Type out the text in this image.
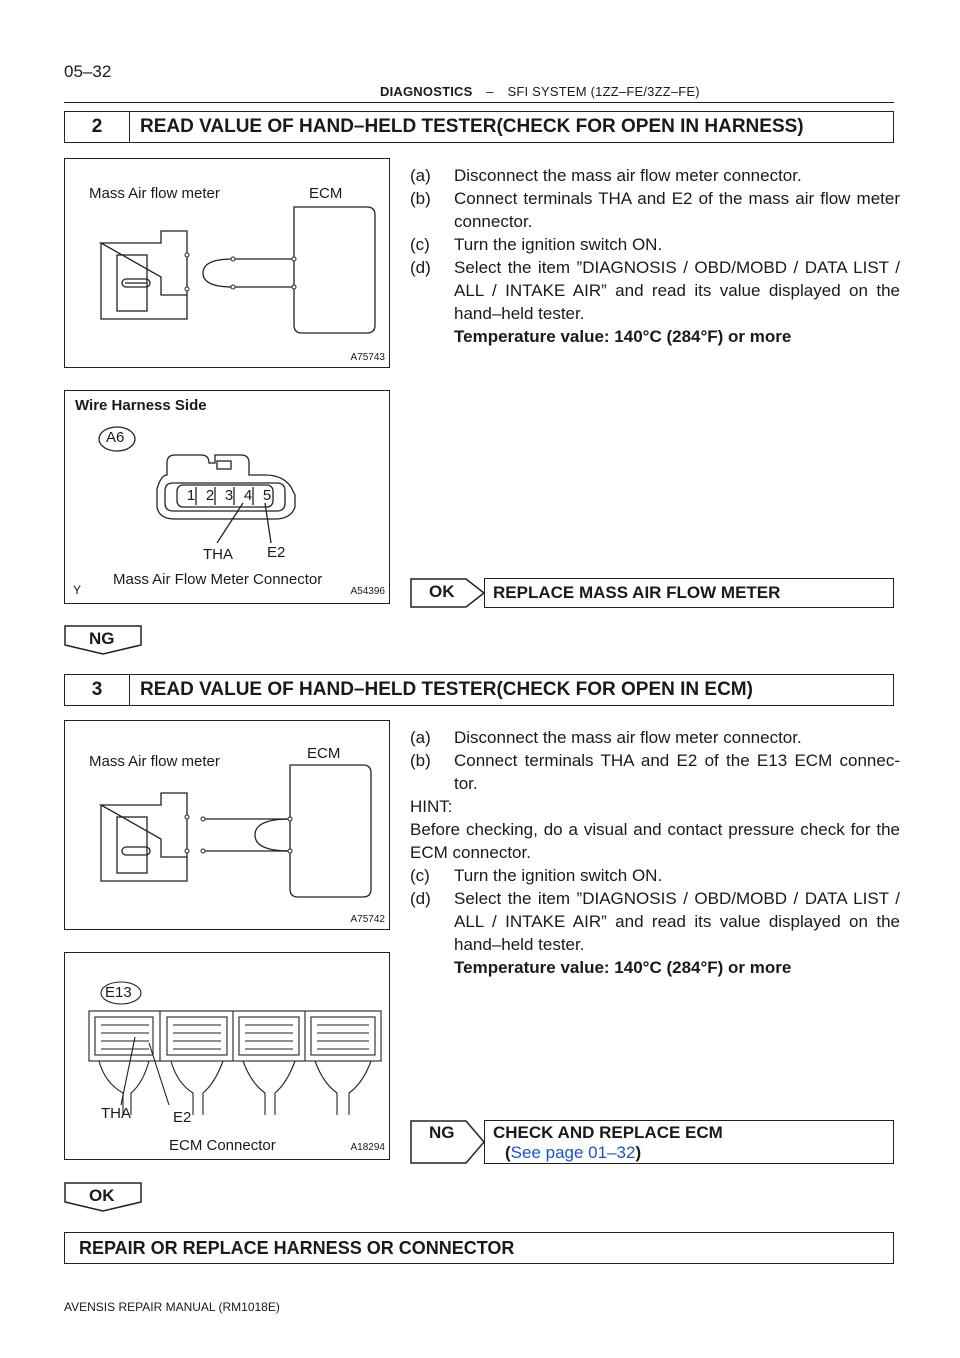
05–32
DIAGNOSTICS – SFI SYSTEM (1ZZ–FE/3ZZ–FE)
2	READ VALUE OF HAND–HELD TESTER(CHECK FOR OPEN IN HARNESS)
Mass Air flow meter	ECM
A75743
Wire Harness Side
A6
1 2 3 4 5
THA E2
Mass Air Flow Meter Connector
Y	A54396
(a)	Disconnect the mass air flow meter connector.
(b)	Connect terminals THA and E2 of the mass air flow meter connector.
(c)	Turn the ignition switch ON.
(d)	Select the item ”DIAGNOSIS / OBD/MOBD / DATA LIST / ALL / INTAKE AIR” and read its value displayed on the hand–held tester.
Temperature value: 140°C (284°F) or more
OK	REPLACE MASS AIR FLOW METER
NG
3	READ VALUE OF HAND–HELD TESTER(CHECK FOR OPEN IN ECM)
Mass Air flow meter	ECM
A75742
E13
THA	E2
ECM Connector	A18294
(a)	Disconnect the mass air flow meter connector.
(b)	Connect terminals THA and E2 of the E13 ECM connec- tor.
HINT:
Before checking, do a visual and contact pressure check for the ECM connector.
(c)	Turn the ignition switch ON.
(d)	Select the item ”DIAGNOSIS / OBD/MOBD / DATA LIST / ALL / INTAKE AIR” and read its value displayed on the hand–held tester.
Temperature value: 140°C (284°F) or more
NG CHECK AND REPLACE ECM
(See page 01–32)
OK
REPAIR OR REPLACE HARNESS OR CONNECTOR
AVENSIS REPAIR MANUAL (RM1018E)
